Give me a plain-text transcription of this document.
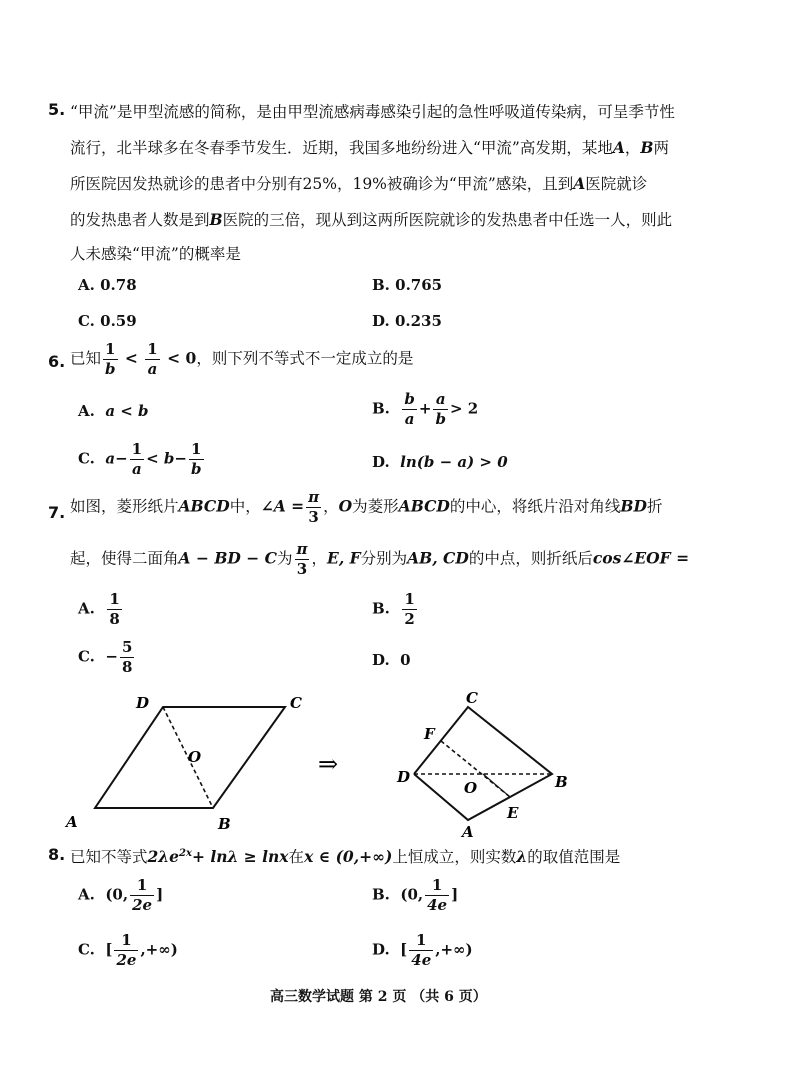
5. “甲流”是甲型流感的简称，是由甲型流感病毒感染引起的急性呼吸道传染病，可呈季节性
流行，北半球多在冬春季节发生．近期，我国多地纷纷进入“甲流”高发期，某地A，B两
所医院因发热就诊的患者中分别有25%，19%被确诊为“甲流”感染，且到A医院就诊
的发热患者人数是到B医院的三倍，现从到这两所医院就诊的发热患者中任选一人，则此
人未感染“甲流”的概率是
A. 0.78	B. 0.765
C. 0.59	D. 0.235
6. 已知 $\frac{1}{b} < \frac{1}{a} < 0$，则下列不等式不一定成立的是
A. a < b	B. $\frac{b}{a} + \frac{a}{b} > 2$
C. $a- \frac{1}{a} < b- \frac{1}{b}$	D. ln(b − a) > 0
7. 如图，菱形纸片ABCD中，∠A = $\frac{\pi}{3}$ ，O为菱形ABCD的中心，将纸片沿对角线BD折
起，使得二面角A − BD − C为 $\frac{\pi}{3}$ ，E, F分别为AB, CD的中点，则折纸后cos∠EOF =
A. $\frac{1}{8}$	B. $\frac{1}{2}$
C. − $\frac{5}{8}$	D. 0
A	B
C
D
O	⇒
C
F
D
O	B
E
A
8. 已知不等式$2\lambda e^{2x}+ \ln\lambda \ge \ln x$在x ∈ (0,+∞)上恒成立，则实数λ的取值范围是
A. (0, $\frac{1}{2e}$ ]	B. (0, $\frac{1}{4e}$ ]
C. [ $\frac{1}{2e}$ ,+∞)	D. [ $\frac{1}{4e}$ ,+∞)
高三数学试题 第 2 页 （共 6 页）
